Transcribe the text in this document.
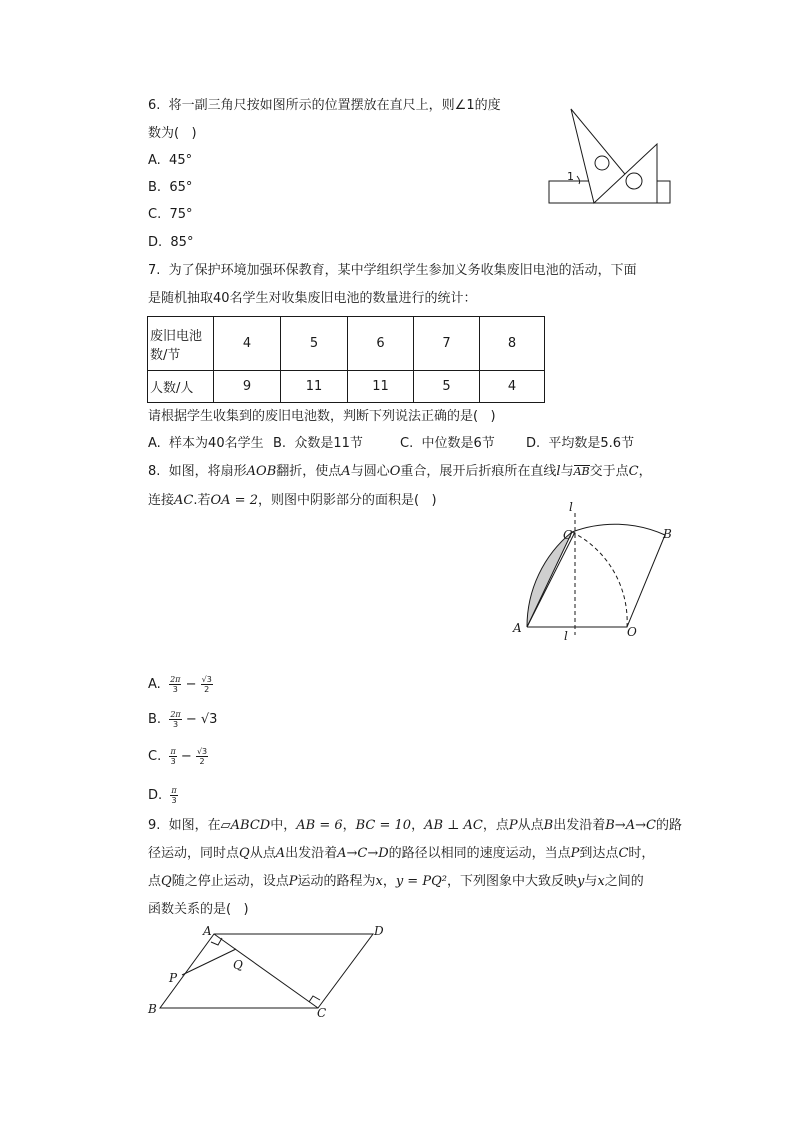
6.  将一副三角尺按如图所示的位置摆放在直尺上，则∠1的度
数为(   )
A.  45°
B.  65°
C.  75°
D.  85°
1
7.  为了保护环境加强环保教育，某中学组织学生参加义务收集废旧电池的活动，下面
是随机抽取40名学生对收集废旧电池的数量进行的统计：
废旧电池
数/节	4	5	6	7	8
人数/人	9	11	11	5	4
请根据学生收集到的废旧电池数，判断下列说法正确的是(   )
A.  样本为40名学生 B.  众数是11节	C.  中位数是6节 D.  平均数是5.6节
8.  如图，将扇形AOB翻折，使点A与圆心O重合，展开后折痕所在直线l与AB交于点C，
连接AC.若OA = 2，则图中阴影部分的面积是(   )	l
C	B
A	O
l
A. $\frac{2\pi}{3} - \frac{√3}{2}$
B. $\frac{2\pi}{3} - √3$
C. $\frac{\pi}{3} - \frac{√3}{2}$
D. $\frac{\pi}{3}$
9.  如图，在▱ABCD中，AB = 6，BC = 10，AB ⊥ AC，点P从点B出发沿着B→A→C的路
径运动，同时点Q从点A出发沿着A→C→D的路径以相同的速度运动，当点P到达点C时，
点Q随之停止运动，设点P运动的路程为x，y = PQ²，下列图象中大致反映y与x之间的
函数关系的是(   )
A	D
Q
P
B	C
